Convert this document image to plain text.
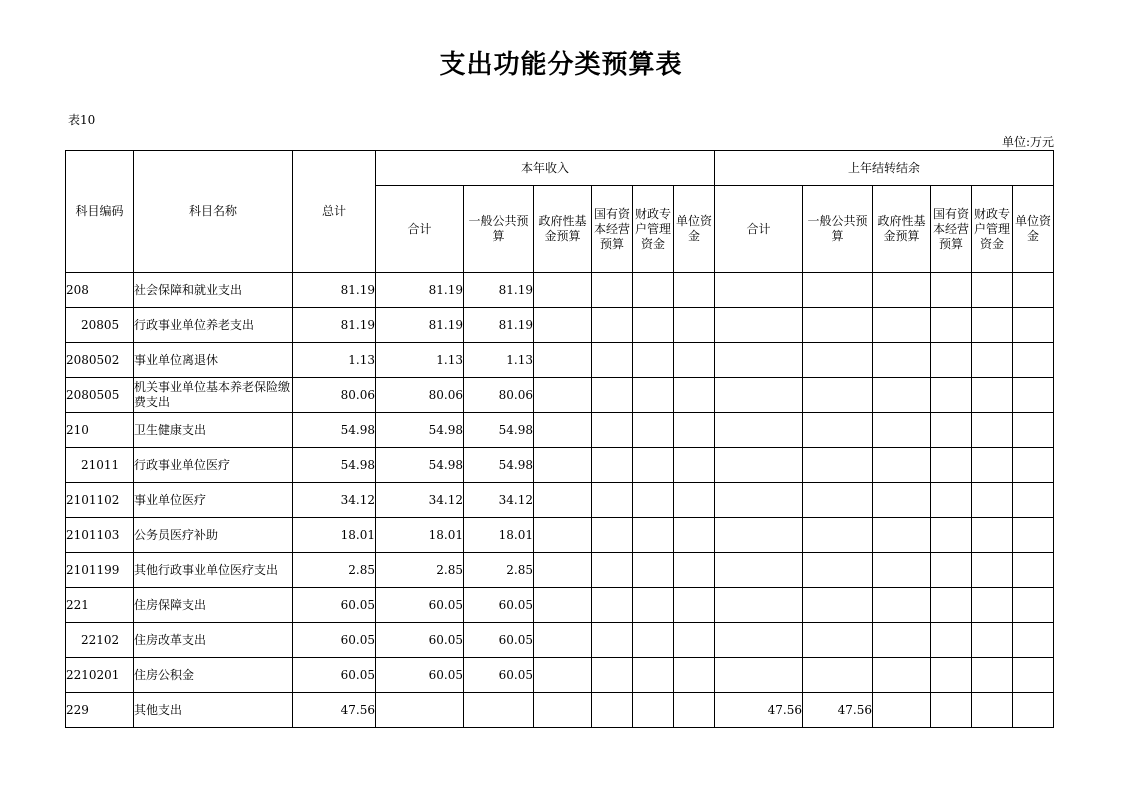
支出功能分类预算表
表10
单位:万元
科目编码	科目名称	总计	本年收入						上年结转结余					
			合计	一般公共预算	政府性基金预算	国有资本经营预算	财政专户管理资金	单位资金	合计	一般公共预算	政府性基金预算	国有资本经营预算	财政专户管理资金	单位资金
208	社会保障和就业支出	81.19	81.19	81.19										
20805	行政事业单位养老支出	81.19	81.19	81.19										
2080502	事业单位离退休	1.13	1.13	1.13										
2080505	机关事业单位基本养老保险缴费支出	80.06	80.06	80.06										
210	卫生健康支出	54.98	54.98	54.98										
21011	行政事业单位医疗	54.98	54.98	54.98										
2101102	事业单位医疗	34.12	34.12	34.12										
2101103	公务员医疗补助	18.01	18.01	18.01										
2101199	其他行政事业单位医疗支出	2.85	2.85	2.85										
221	住房保障支出	60.05	60.05	60.05										
22102	住房改革支出	60.05	60.05	60.05										
2210201	住房公积金	60.05	60.05	60.05										
229	其他支出	47.56							47.56	47.56				
